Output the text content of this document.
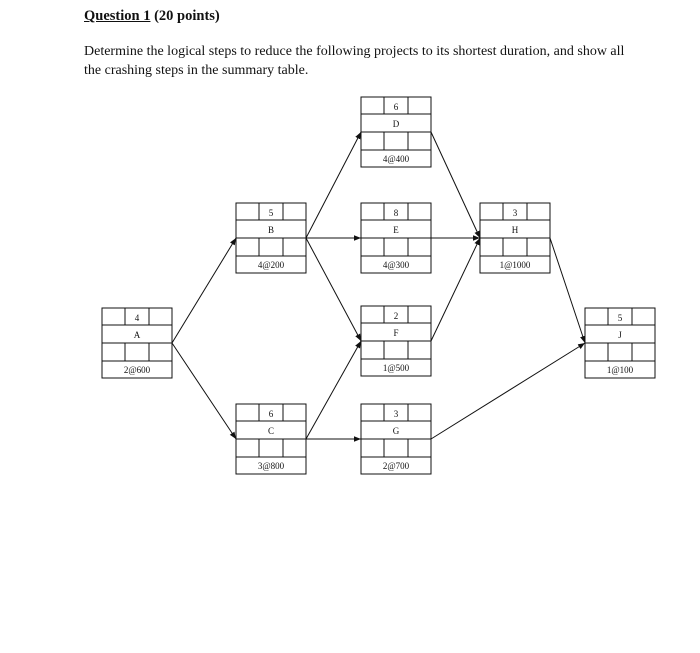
Question 1 (20 points)
Determine the logical steps to reduce the following projects to its shortest duration, and show all the crashing steps in the summary table.
4
A
2@600
5
B
4@200
6
C
3@800
6
D
4@400
8
E
4@300
2
F
1@500
3
G
2@700
3
H
1@1000
5
J
1@100
